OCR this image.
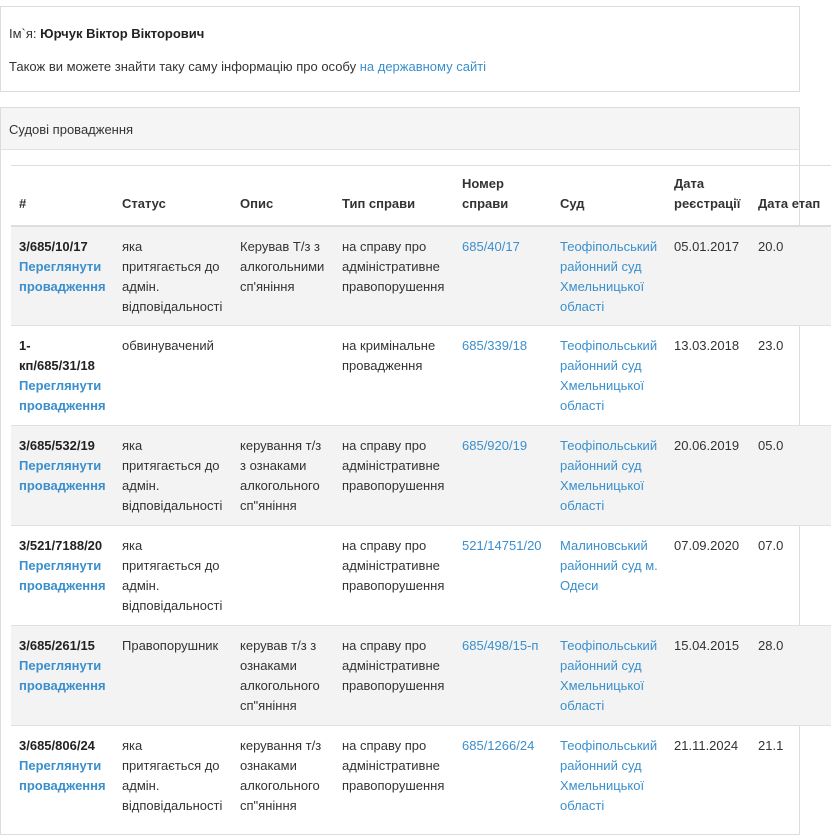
Ім`я: Юрчук Віктор Вікторович
Також ви можете знайти таку саму інформацію про особу на державному сайті
Судові провадження
#	Статус	Опис	Тип справи	Номер справи	Суд	Дата реєстрації	Дата етап
3/685/10/17
Переглянути провадження	яка притягається до адмін. відповідальності	Керував Т/з з алкогольними сп'яніння	на справу про адміністративне правопорушення	685/40/17	Теофіпольський районний суд Хмельницької області	05.01.2017	20.0
1-кп/685/31/18
Переглянути провадження	обвинувачений		на кримінальне провадження	685/339/18	Теофіпольський районний суд Хмельницької області	13.03.2018	23.0
3/685/532/19
Переглянути провадження	яка притягається до адмін. відповідальності	керування т/з з ознаками алкогольного сп"яніння	на справу про адміністративне правопорушення	685/920/19	Теофіпольський районний суд Хмельницької області	20.06.2019	05.0
3/521/7188/20
Переглянути провадження	яка притягається до адмін. відповідальності		на справу про адміністративне правопорушення	521/14751/20	Малиновський районний суд м. Одеси	07.09.2020	07.0
3/685/261/15
Переглянути провадження	Правопорушник	керував т/з з ознаками алкогольного сп"яніння	на справу про адміністративне правопорушення	685/498/15-п	Теофіпольський районний суд Хмельницької області	15.04.2015	28.0
3/685/806/24
Переглянути провадження	яка притягається до адмін. відповідальності	керування т/з ознаками алкогольного сп"яніння	на справу про адміністративне правопорушення	685/1266/24	Теофіпольський районний суд Хмельницької області	21.11.2024	21.1
